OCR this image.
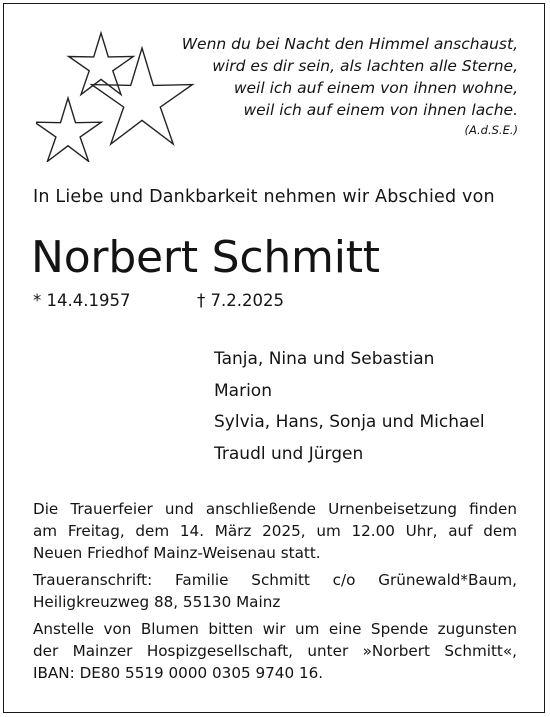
Wenn du bei Nacht den Himmel anschaust,
wird es dir sein, als lachten alle Sterne,
weil ich auf einem von ihnen wohne,
weil ich auf einem von ihnen lache.
(A.d.S.E.)
In Liebe und Dankbarkeit nehmen wir Abschied von
Norbert Schmitt
* 14.4.1957	† 7.2.2025
Tanja, Nina und Sebastian
Marion
Sylvia, Hans, Sonja und Michael
Traudl und Jürgen

Die Trauerfeier und anschließende Urnenbeisetzung finden
am Freitag, dem 14. März 2025, um 12.00 Uhr, auf dem
Neuen Friedhof Mainz-Weisenau statt.

Traueranschrift: Familie Schmitt c/o Grünewald*Baum,
Heiligkreuzweg 88, 55130 Mainz

Anstelle von Blumen bitten wir um eine Spende zugunsten
der Mainzer Hospizgesellschaft, unter »Norbert Schmitt«,
IBAN: DE80 5519 0000 0305 9740 16.
